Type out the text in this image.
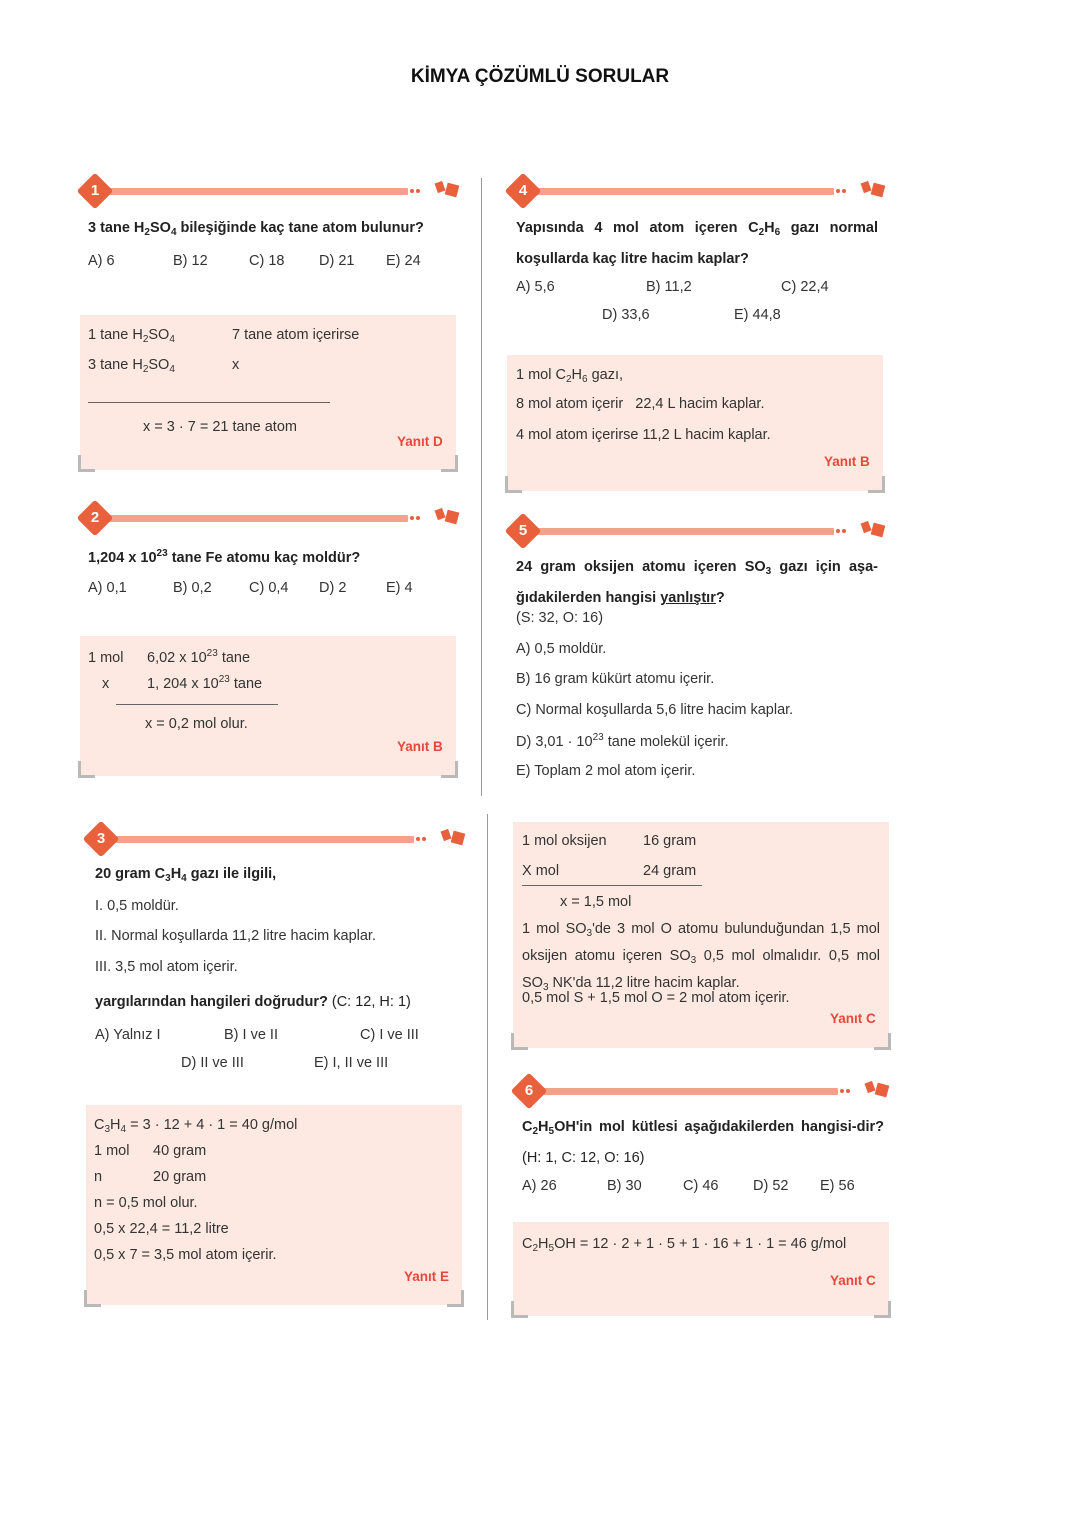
KİMYA ÇÖZÜMLÜ SORULAR
1
3 tane $H_2SO_4$ bileşiğinde kaç tane atom bulunur?
A) 6	B) 12	C) 18 D) 21 E) 24
1 tane $H_2SO_4$	7 tane atom içerirse
3 tane $H_2SO_4$	x
x = 3 · 7 = 21 tane atom
Yanıt D
2
1,204 x $10^{23}$ tane Fe atomu kaç moldür?
A) 0,1	B) 0,2	C) 0,4 D) 2	E) 4
1 mol 6,02 x $10^{23}$ tane
x	1, 204 x $10^{23}$ tane
x = 0,2 mol olur.
Yanıt B
3
20 gram $C_3H_4$ gazı ile ilgili,
I. 0,5 moldür.
II. Normal koşullarda 11,2 litre hacim kaplar.
III. 3,5 mol atom içerir.
yargılarından hangileri doğrudur? (C: 12, H: 1)
A) Yalnız I	B) I ve II	C) I ve III
D) II ve III	E) I, II ve III
$C_3H_4 = 3 \cdot 12 + 4 \cdot 1 = 40$ g/mol
1 mol 40 gram
n	20 gram
n = 0,5 mol olur.
0,5 x 22,4 = 11,2 litre
0,5 x 7 = 3,5 mol atom içerir.
Yanıt E
4
Yapısında 4 mol atom içeren $C_2H_6$ gazı normal koşullarda kaç litre hacim kaplar?
A) 5,6	B) 11,2	C) 22,4
D) 33,6	E) 44,8
1 mol $C_2H_6$ gazı,
8 mol atom içerir   22,4 L hacim kaplar.
4 mol atom içerirse 11,2 L hacim kaplar.
Yanıt B
5
24 gram oksijen atomu içeren $SO_3$ gazı için aşa-ğıdakilerden hangisi yanlıştır?
(S: 32, O: 16)
A) 0,5 moldür.
B) 16 gram kükürt atomu içerir.
C) Normal koşullarda 5,6 litre hacim kaplar.
D) $3,01 \cdot 10^{23}$ tane molekül içerir.
E) Toplam 2 mol atom içerir.
1 mol oksijen	16 gram
X mol	24 gram
x = 1,5 mol
1 mol $SO_3'de$ 3 mol O atomu bulunduğundan 1,5 mol oksijen atomu içeren $SO_3$ 0,5 mol olmalıdır. 0,5 mol $SO_3$ NK'da 11,2 litre hacim kaplar.
0,5 mol S + 1,5 mol O = 2 mol atom içerir.
Yanıt C
6
$C_2H_5OH'in$ mol kütlesi aşağıdakilerden hangisi-dir? (H: 1, C: 12, O: 16)
A) 26	B) 30	C) 46 D) 52 E) 56
$C_2H_5OH = 12 \cdot 2 + 1 \cdot 5 + 1 \cdot 16 + 1 \cdot 1 = 46$ g/mol
Yanıt C
